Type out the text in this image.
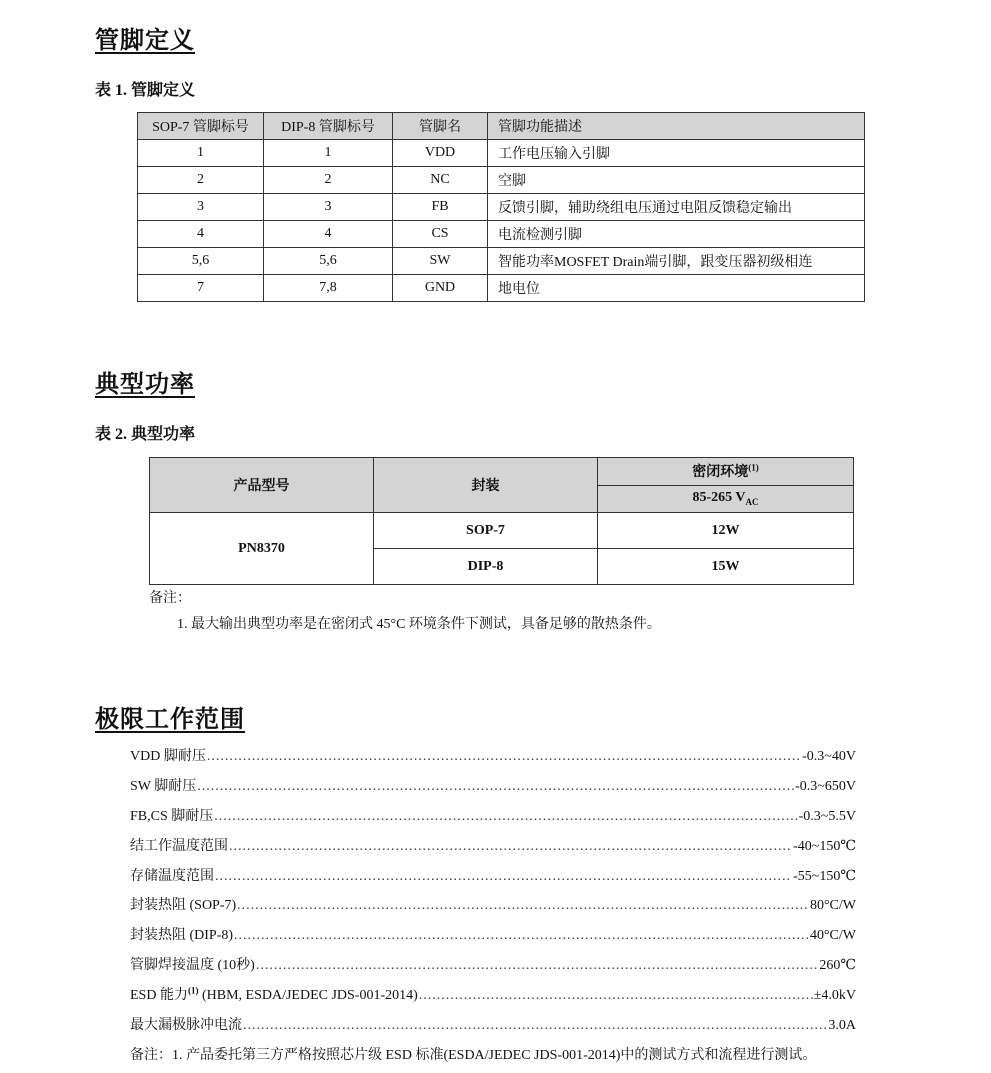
管脚定义
表 1. 管脚定义
SOP-7 管脚标号	DIP-8 管脚标号	管脚名	管脚功能描述
1	1	VDD	工作电压输入引脚
2	2	NC	空脚
3	3	FB	反馈引脚，辅助绕组电压通过电阻反馈稳定输出
4	4	CS	电流检测引脚
5,6	5,6	SW	智能功率MOSFET Drain端引脚，跟变压器初级相连
7	7,8	GND	地电位
典型功率
表 2. 典型功率
产品型号	封装	密闭环境$^{(1)}$
		85-265 $V_{AC}$
PN8370	SOP-7	12W
	DIP-8	15W
备注：
1. 最大输出典型功率是在密闭式 45°C 环境条件下测试，具备足够的散热条件。
极限工作范围
VDD 脚耐压 .....	-0.3~40V
SW 脚耐压 .....	-0.3~650V
FB,CS 脚耐压 .....	-0.3~5.5V
结工作温度范围 .....	-40~150℃
存储温度范围 .....	-55~150℃
封装热阻 (SOP-7) .....	80°C/W
封装热阻 (DIP-8) .....	40°C/W
管脚焊接温度 (10秒) .....	260℃
ESD 能力$^{(1)}$ (HBM, ESDA/JEDEC JDS-001-2014) .....	±4.0kV
最大漏极脉冲电流 .....	3.0A
备注：1. 产品委托第三方严格按照芯片级 ESD 标准(ESDA/JEDEC JDS-001-2014)中的测试方式和流程进行测试。
